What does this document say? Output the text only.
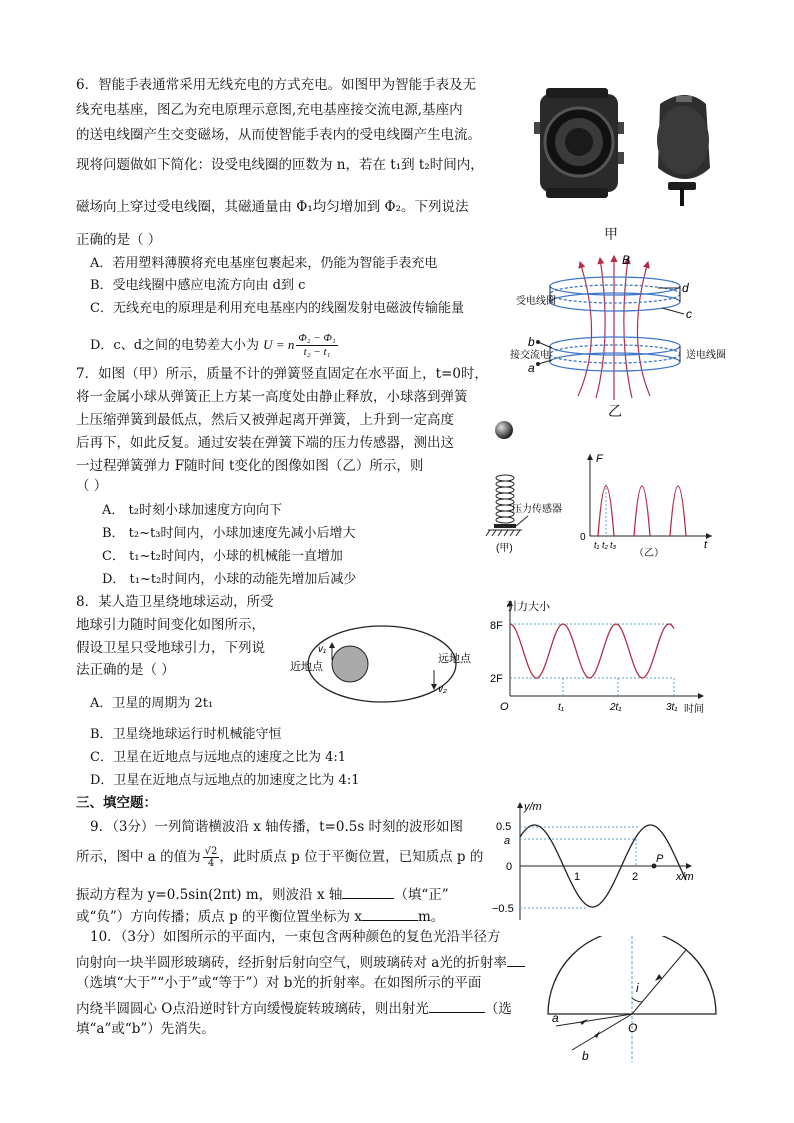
6．智能手表通常采用无线充电的方式充电。如图甲为智能手表及无
线充电基座，图乙为充电原理示意图,充电基座接交流电源,基座内
的送电线圈产生交变磁场，从而使智能手表内的受电线圈产生电流。
现将问题做如下简化：设受电线圈的匝数为 n，若在 t₁到 t₂时间内，
磁场向上穿过受电线圈，其磁通量由 Φ₁均匀增加到 Φ₂。下列说法
正确的是（ ）
A．若用塑料薄膜将充电基座包裹起来，仍能为智能手表充电
B．受电线圈中感应电流方向由 d到 c
C．无线充电的原理是利用充电基座内的线圈发射电磁波传输能量
D．c、d之间的电势差大小为 U = n $\frac{\text{Φ₂ − Φ₁}}{\text{t₂ − t₁}}$
甲
B
受电线圈
d
c
b
接交流电
a
送电线圈
乙
7．如图（甲）所示，质量不计的弹簧竖直固定在水平面上，t=0时，
将一金属小球从弹簧正上方某一高度处由静止释放，小球落到弹簧
上压缩弹簧到最低点，然后又被弹起离开弹簧，上升到一定高度
后再下，如此反复。通过安装在弹簧下端的压力传感器，测出这
一过程弹簧弹力 F随时间 t变化的图像如图（乙）所示，则
（ ）
A． t₂时刻小球加速度方向向下
B． t₂~t₃时间内，小球加速度先减小后增大
C． t₁~t₂时间内，小球的机械能一直增加
D． t₁~t₂时间内，小球的动能先增加后减少
压力传感器
(甲)
F
t
0
t₁ t₂ t₃
（乙）
8．某人造卫星绕地球运动，所受
地球引力随时间变化如图所示，
假设卫星只受地球引力，下列说
法正确的是（ ）
A．卫星的周期为 2t₁
B．卫星绕地球运行时机械能守恒
C．卫星在近地点与远地点的速度之比为 4:1
D．卫星在近地点与远地点的加速度之比为 4:1
v₁
近地点
远地点
v₂
引力大小
8F
2F
O	t₁	2t₁	3t₁ 时间
三、填空题：
9．（3分）一列简谐横波沿 x 轴传播，t=0.5s 时刻的波形如图
所示，图中 a 的值为 $\frac{√2}{4}$ ，此时质点 p 位于平衡位置，已知质点 p 的
振动方程为 y=0.5sin(2πt) m，则波沿 x 轴	（填“正”
或“负”）方向传播；质点 p 的平衡位置坐标为 x	m。
y/m
0.5
a
0
−0.5
1	2
P
x/m
10．（3分）如图所示的平面内，一束包含两种颜色的复色光沿半径方
向射向一块半圆形玻璃砖，经折射后射向空气，则玻璃砖对 a光的折射率
（选填“大于”“小于”或“等于”）对 b光的折射率。在如图所示的平面
内绕半圆圆心 O点沿逆时针方向缓慢旋转玻璃砖，则出射光	（选
填“a”或“b”）先消失。
i
O
a
b
